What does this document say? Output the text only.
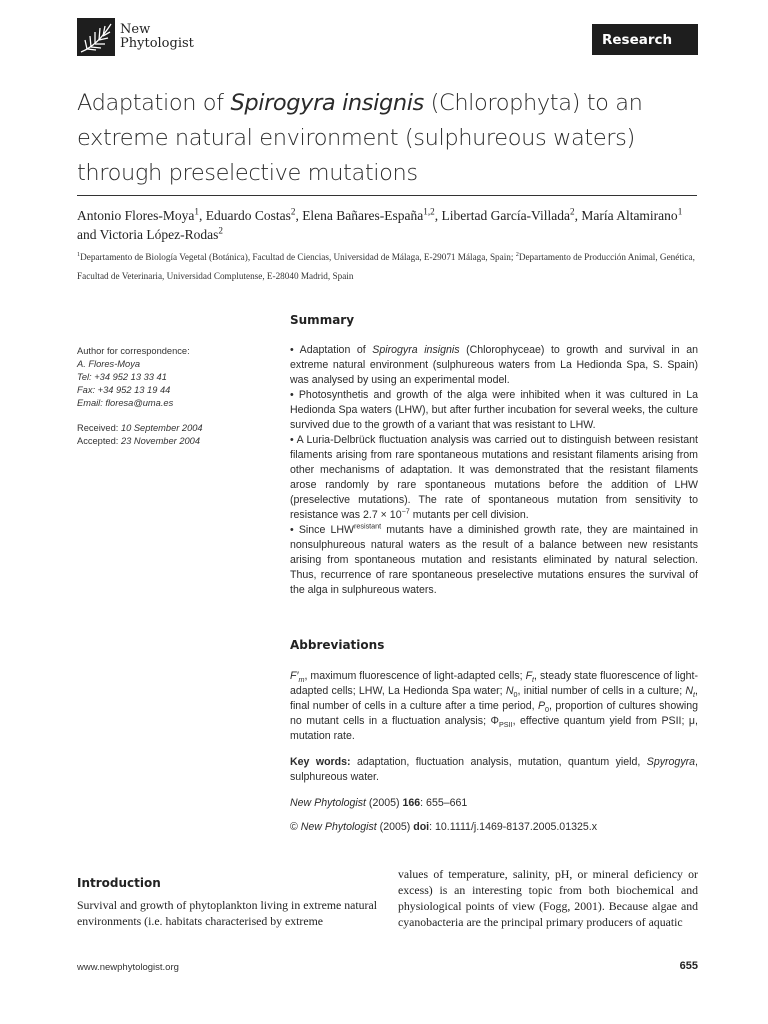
New
Phytologist	Research
Adaptation of Spirogyra insignis (Chlorophyta) to an extreme natural environment (sulphureous waters) through preselective mutations
Antonio Flores-Moya$^1$, Eduardo Costas$^2$, Elena Bañares-España$^{1,2}$, Libertad García-Villada$^2$, María Altamirano$^1$
and Victoria López-Rodas$^2$
$^1$Departamento de Biología Vegetal (Botánica), Facultad de Ciencias, Universidad de Málaga, E-29071 Málaga, Spain; $^2$Departamento de Producción Animal, Genética, Facultad de Veterinaria, Universidad Complutense, E-28040 Madrid, Spain
Author for correspondence:
A. Flores-Moya
Tel: +34 952 13 33 41
Fax: +34 952 13 19 44
Email: floresa@uma.es
Received: 10 September 2004
Accepted: 23 November 2004
Summary

• Adaptation of Spirogyra insignis (Chlorophyceae) to growth and survival in an extreme natural environment (sulphureous waters from La Hedionda Spa, S. Spain) was analysed by using an experimental model.

• Photosynthetis and growth of the alga were inhibited when it was cultured in La Hedionda Spa waters (LHW), but after further incubation for several weeks, the culture survived due to the growth of a variant that was resistant to LHW.

• A Luria-Delbrück fluctuation analysis was carried out to distinguish between resistant filaments arising from rare spontaneous mutations and resistant filaments arising from other mechanisms of adaptation. It was demonstrated that the resistant filaments arose randomly by rare spontaneous mutations before the addition of LHW (preselective mutations). The rate of spontaneous mutation from sensitivity to resistance was $2.7 \times 10^{-7}$ mutants per cell division.

• Since $LHW^{resistant}$ mutants have a diminished growth rate, they are maintained in nonsulphureous natural waters as the result of a balance between new resistants arising from spontaneous mutation and resistants eliminated by natural selection. Thus, recurrence of rare spontaneous preselective mutations ensures the survival of the alga in sulphureous waters.

Abbreviations

$F'_m$, maximum fluorescence of light-adapted cells; $F_t$, steady state fluorescence of light-adapted cells; LHW, La Hedionda Spa water; $N_0$, initial number of cells in a culture; $N_t$, final number of cells in a culture after a time period, $P_0$, proportion of cultures showing no mutant cells in a fluctuation analysis; $\Phi_{PSII}$, effective quantum yield from PSII; μ, mutation rate.

Key words: adaptation, fluctuation analysis, mutation, quantum yield, Spyrogyra, sulphureous water.

New Phytologist (2005) 166: 655–661

© New Phytologist (2005) doi: 10.1111/j.1469-8137.2005.01325.x

Introduction
Survival and growth of phytoplankton living in extreme natural environments (i.e. habitats characterised by extreme
values of temperature, salinity, pH, or mineral deficiency or excess) is an interesting topic from both biochemical and physiological points of view (Fogg, 2001). Because algae and cyanobacteria are the principal primary producers of aquatic
www.newphytologist.org	655
